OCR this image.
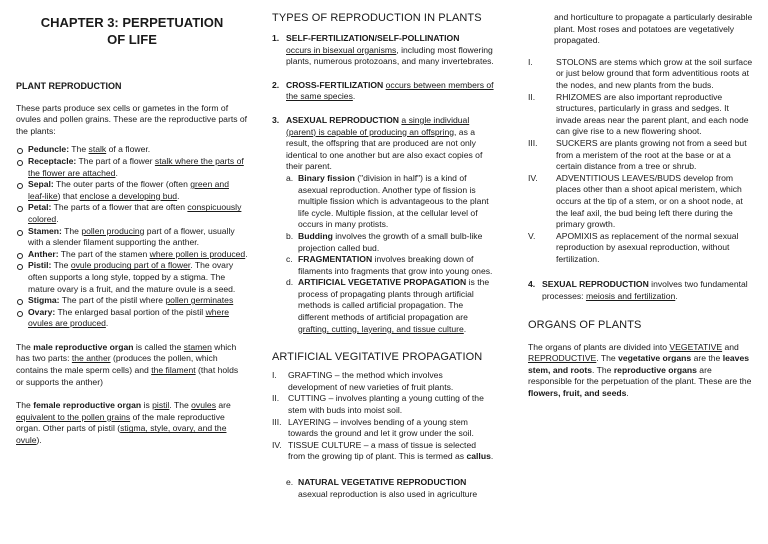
CHAPTER 3: PERPETUATION
OF LIFE
PLANT REPRODUCTION

These parts produce sex cells or gametes in the form of ovules and pollen grains. These are the reproductive parts of the plants:

Peduncle: The stalk of a flower.
Receptacle: The part of a flower stalk where the parts of the flower are attached.
Sepal: The outer parts of the flower (often green and leaf-like) that enclose a developing bud.
Petal: The parts of a flower that are often conspicuously colored.
Stamen: The pollen producing part of a flower, usually with a slender filament supporting the anther.
Anther: The part of the stamen where pollen is produced.
Pistil: The ovule producing part of a flower. The ovary often supports a long style, topped by a stigma. The mature ovary is a fruit, and the mature ovule is a seed.
Stigma: The part of the pistil where pollen germinates
Ovary: The enlarged basal portion of the pistil where ovules are produced.

The male reproductive organ is called the stamen which has two parts: the anther (produces the pollen, which contains the male sperm cells) and the filament (that holds or supports the anther)

The female reproductive organ is pistil. The ovules are equivalent to the pollen grains of the male reproductive organ. Other parts of pistil (stigma, style, ovary, and the ovule).

TYPES OF REPRODUCTION IN PLANTS
1. SELF-FERTILIZATION/SELF-POLLINATION
occurs in bisexual organisms, including most flowering plants, numerous protozoans, and many invertebrates.
2. CROSS-FERTILIZATION occurs between members of the same species.
3. ASEXUAL REPRODUCTION a single individual (parent) is capable of producing an offspring, as a result, the offspring that are produced are not only identical to one another but are also exact copies of their parent.
a. Binary fission ("division in half") is a kind of asexual reproduction. Another type of fission is multiple fission which is advantageous to the plant life cycle. Multiple fission, at the cellular level of occurs in many protists.
b. Budding involves the growth of a small bulb-like projection called bud.
c. FRAGMENTATION involves breaking down of filaments into fragments that grow into young ones.
d. ARTIFICIAL VEGETATIVE PROPAGATION is the process of propagating plants through artificial methods is called artificial propagation. The different methods of artificial propagation are grafting, cutting, layering, and tissue culture.
ARTIFICIAL VEGITATIVE PROPAGATION
I. GRAFTING – the method which involves development of new varieties of fruit plants.
II. CUTTING – involves planting a young cutting of the stem with buds into moist soil.
III. LAYERING – involves bending of a young stem towards the ground and let it grow under the soil.
IV. TISSUE CULTURE – a mass of tissue is selected from the growing tip of plant. This is termed as callus.
e. NATURAL VEGETATIVE REPRODUCTION
asexual reproduction is also used in agriculture

and horticulture to propagate a particularly desirable plant. Most roses and potatoes are vegetatively propagated.

I.	STOLONS are stems which grow at the soil surface or just below ground that form adventitious roots at the nodes, and new plants from the buds.
II. RHIZOMES are also important reproductive structures, particularly in grass and sedges. It invade areas near the parent plant, and each node can give rise to a new flowering shoot.
III. SUCKERS are plants growing not from a seed but from a meristem of the root at the base or at a certain distance from a tree or shrub.
IV. ADVENTITIOUS LEAVES/BUDS develop from places other than a shoot apical meristem, which occurs at the tip of a stem, or on a shoot node, at the leaf axil, the bud being left there during the primary growth.
V. APOMIXIS as replacement of the normal sexual reproduction by asexual reproduction, without fertilization.
4. SEXUAL REPRODUCTION involves two fundamental processes: meiosis and fertilization.
ORGANS OF PLANTS

The organs of plants are divided into VEGETATIVE and REPRODUCTIVE. The vegetative organs are the leaves stem, and roots. The reproductive organs are responsible for the perpetuation of the plant. These are the flowers, fruit, and seeds.
